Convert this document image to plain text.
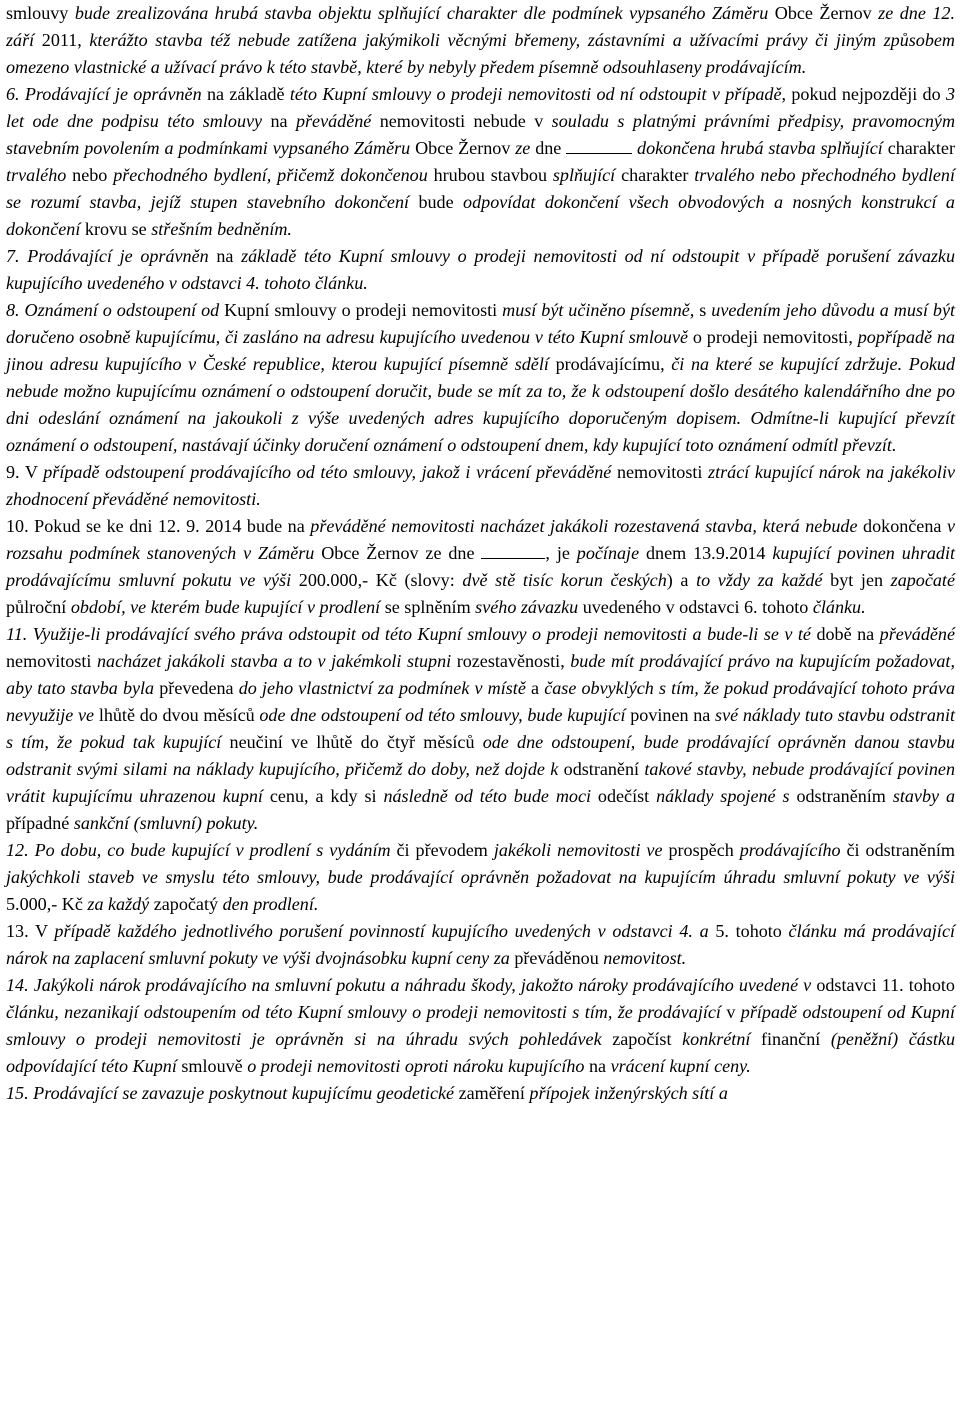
smlouvy bude zrealizována hrubá stavba objektu splňující charakter dle podmínek vypsaného Záměru Obce Žernov ze dne 12. září 2011, kterážto stavba též nebude zatížena jakýmikoli věcnými břemeny, zástavními a užívacími právy či jiným způsobem omezeno vlastnické a užívací právo k této stavbě, které by nebyly předem písemně odsouhlaseny prodávajícím.

6. Prodávající je oprávněn na základě této Kupní smlouvy o prodeji nemovitosti od ní odstoupit v případě, pokud nejpozději do 3 let ode dne podpisu této smlouvy na převáděné nemovitosti nebude v souladu s platnými právními předpisy, pravomocným stavebním povolením a podmínkami vypsaného Záměru Obce Žernov ze dne	dokončena hrubá stavba splňující charakter trvalého nebo přechodného bydlení, přičemž dokončenou hrubou stavbou splňující charakter trvalého nebo přechodného bydlení se rozumí stavba, jejíž stupen stavebního dokončení bude odpovídat dokončení všech obvodových a nosných konstrukcí a dokončení krovu se střešním bedněním.

7. Prodávající je oprávněn na základě této Kupní smlouvy o prodeji nemovitosti od ní odstoupit v případě porušení závazku kupujícího uvedeného v odstavci 4. tohoto článku.

8. Oznámení o odstoupení od Kupní smlouvy o prodeji nemovitosti musí být učiněno písemně, s uvedením jeho důvodu a musí být doručeno osobně kupujícímu, či zasláno na adresu kupujícího uvedenou v této Kupní smlouvě o prodeji nemovitosti, popřípadě na jinou adresu kupujícího v České republice, kterou kupující písemně sdělí prodávajícímu, či na které se kupující zdržuje. Pokud nebude možno kupujícímu oznámení o odstoupení doručit, bude se mít za to, že k odstoupení došlo desátého kalendářního dne po dni odeslání oznámení na jakoukoli z výše uvedených adres kupujícího doporučeným dopisem. Odmítne-li kupující převzít oznámení o odstoupení, nastávají účinky doručení oznámení o odstoupení dnem, kdy kupující toto oznámení odmítl převzít.

9. V případě odstoupení prodávajícího od této smlouvy, jakož i vrácení převáděné nemovitosti ztrácí kupující nárok na jakékoliv zhodnocení převáděné nemovitosti.

10. Pokud se ke dni 12. 9. 2014 bude na převáděné nemovitosti nacházet jakákoli rozestavená stavba, která nebude dokončena v rozsahu podmínek stanovených v Záměru Obce Žernov ze dne	, je počínaje dnem 13.9.2014 kupující povinen uhradit prodávajícímu smluvní pokutu ve výši 200.000,- Kč (slovy: dvě stě tisíc korun českých) a to vždy za každé byt jen započaté půlroční období, ve kterém bude kupující v prodlení se splněním svého závazku uvedeného v odstavci 6. tohoto článku.

11. Využije-li prodávající svého práva odstoupit od této Kupní smlouvy o prodeji nemovitosti a bude-li se v té době na převáděné nemovitosti nacházet jakákoli stavba a to v jakémkoli stupni rozestavěnosti, bude mít prodávající právo na kupujícím požadovat, aby tato stavba byla převedena do jeho vlastnictví za podmínek v místě a čase obvyklých s tím, že pokud prodávající tohoto práva nevyužije ve lhůtě do dvou měsíců ode dne odstoupení od této smlouvy, bude kupující povinen na své náklady tuto stavbu odstranit s tím, že pokud tak kupující neučiní ve lhůtě do čtyř měsíců ode dne odstoupení, bude prodávající oprávněn danou stavbu odstranit svými silami na náklady kupujícího, přičemž do doby, než dojde k odstranění takové stavby, nebude prodávající povinen vrátit kupujícímu uhrazenou kupní cenu, a kdy si následně od této bude moci odečíst náklady spojené s odstraněním stavby a případné sankční (smluvní) pokuty.

12. Po dobu, co bude kupující v prodlení s vydáním či převodem jakékoli nemovitosti ve prospěch prodávajícího či odstraněním jakýchkoli staveb ve smyslu této smlouvy, bude prodávající oprávněn požadovat na kupujícím úhradu smluvní pokuty ve výši 5.000,- Kč za každý započatý den prodlení.

13. V případě každého jednotlivého porušení povinností kupujícího uvedených v odstavci 4. a 5. tohoto článku má prodávající nárok na zaplacení smluvní pokuty ve výši dvojnásobku kupní ceny za převáděnou nemovitost.

14. Jakýkoli nárok prodávajícího na smluvní pokutu a náhradu škody, jakožto nároky prodávajícího uvedené v odstavci 11. tohoto článku, nezanikají odstoupením od této Kupní smlouvy o prodeji nemovitosti s tím, že prodávající v případě odstoupení od Kupní smlouvy o prodeji nemovitosti je oprávněn si na úhradu svých pohledávek započíst konkrétní finanční (peněžní) částku odpovídající této Kupní smlouvě o prodeji nemovitosti oproti nároku kupujícího na vrácení kupní ceny.

15. Prodávající se zavazuje poskytnout kupujícímu geodetické zaměření přípojek inženýrských sítí a
